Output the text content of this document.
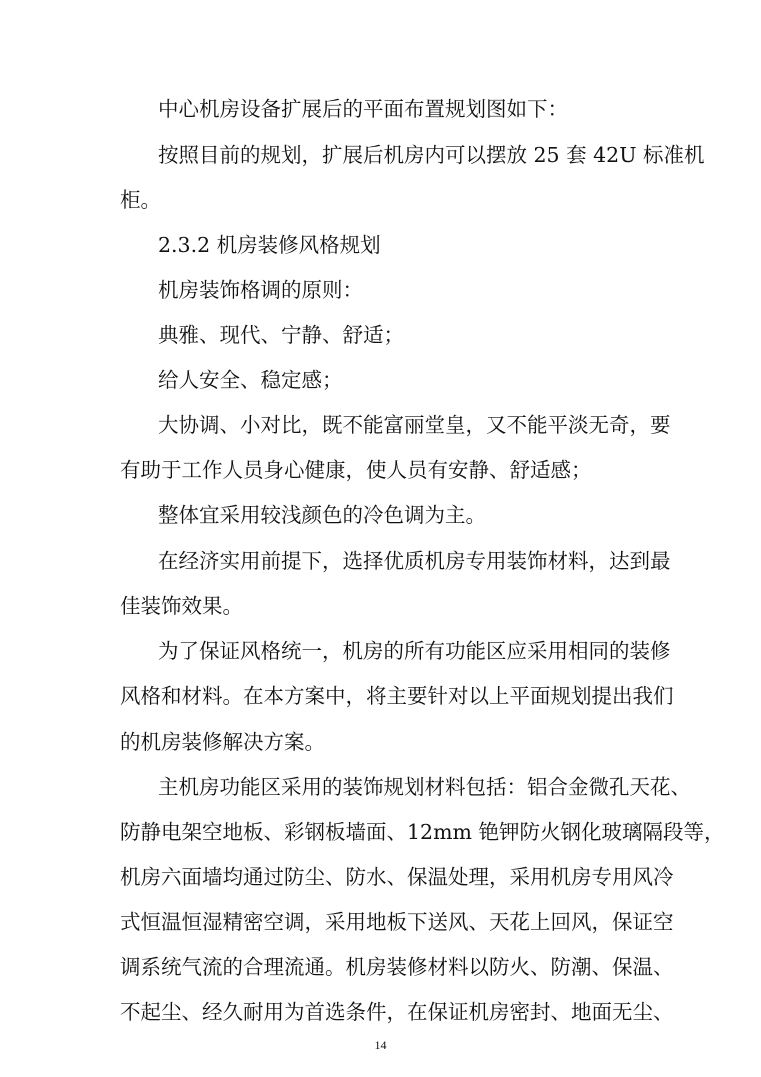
中心机房设备扩展后的平面布置规划图如下：

按照目前的规划，扩展后机房内可以摆放 25 套 42U 标准机

柜。

2.3.2 机房装修风格规划

机房装饰格调的原则：

典雅、现代、宁静、舒适；

给人安全、稳定感；

大协调、小对比，既不能富丽堂皇，又不能平淡无奇，要

有助于工作人员身心健康，使人员有安静、舒适感；

整体宜采用较浅颜色的冷色调为主。

在经济实用前提下，选择优质机房专用装饰材料，达到最

佳装饰效果。

为了保证风格统一，机房的所有功能区应采用相同的装修

风格和材料。在本方案中，将主要针对以上平面规划提出我们

的机房装修解决方案。

主机房功能区采用的装饰规划材料包括：铝合金微孔天花、

防静电架空地板、彩钢板墙面、12mm 铯钾防火钢化玻璃隔段等，

机房六面墙均通过防尘、防水、保温处理，采用机房专用风冷

式恒温恒湿精密空调，采用地板下送风、天花上回风，保证空

调系统气流的合理流通。机房装修材料以防火、防潮、保温、

不起尘、经久耐用为首选条件，在保证机房密封、地面无尘、

14
